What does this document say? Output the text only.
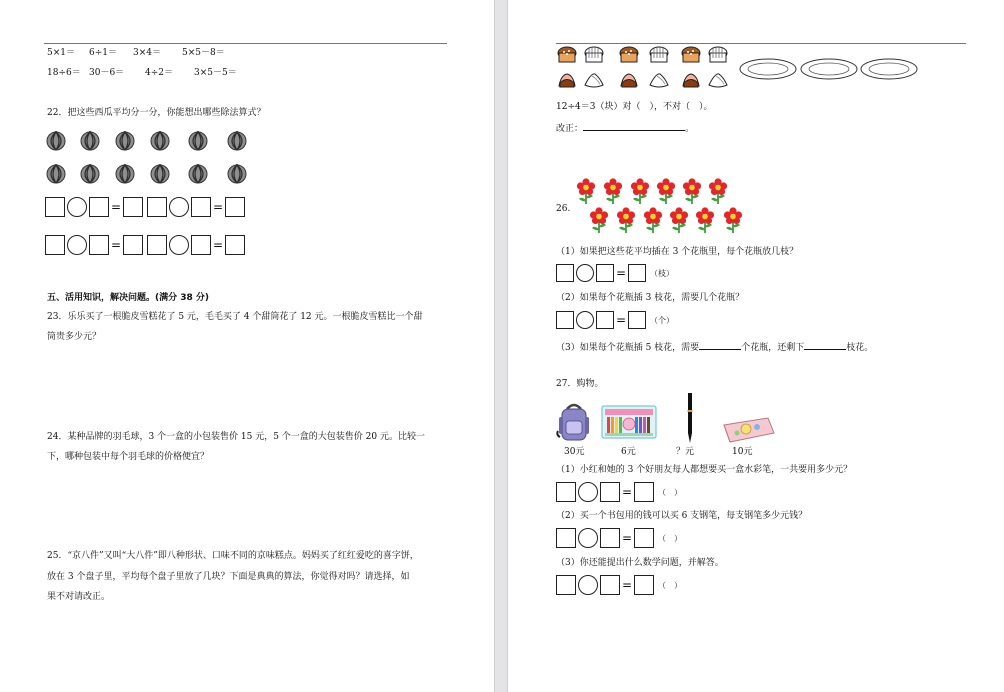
5×1＝ 6÷1＝ 3×4＝ 5×5－8＝
18÷6＝ 30－6＝ 4÷2＝ 3×5－5＝
22．把这些西瓜平均分一分，你能想出哪些除法算式？
=	=
=	=
五、活用知识，解决问题。(满分 38 分)
23．乐乐买了一根脆皮雪糕花了 5 元，毛毛买了 4 个甜筒花了 12 元。一根脆皮雪糕比一个甜
筒贵多少元？
24．某种品牌的羽毛球，3 个一盒的小包装售价 15 元，5 个一盒的大包装售价 20 元。比较一
下，哪种包装中每个羽毛球的价格便宜？
25．“京八件”又叫“大八件”即八种形状、口味不同的京味糕点。妈妈买了红红爱吃的喜字饼，
放在 3 个盘子里，平均每个盘子里放了几块？下面是典典的算法，你觉得对吗？请选择，如
果不对请改正。
12÷4＝3（块）对（　），不对（　）。
改正：	。
26.
（1）如果把这些花平均插在 3 个花瓶里，每个花瓶放几枝？
=	（枝）
（2）如果每个花瓶插 3 枝花，需要几个花瓶？
=	（个）
（3）如果每个花瓶插 5 枝花，需要	个花瓶，还剩下	枝花。
27．购物。
30元	6元	？元	10元
（1）小红和她的 3 个好朋友每人都想要买一盒水彩笔，一共要用多少元？
=	（　）
（2）买一个书包用的钱可以买 6 支钢笔，每支钢笔多少元钱？
=	（　）
（3）你还能提出什么数学问题，并解答。
=	（　）
